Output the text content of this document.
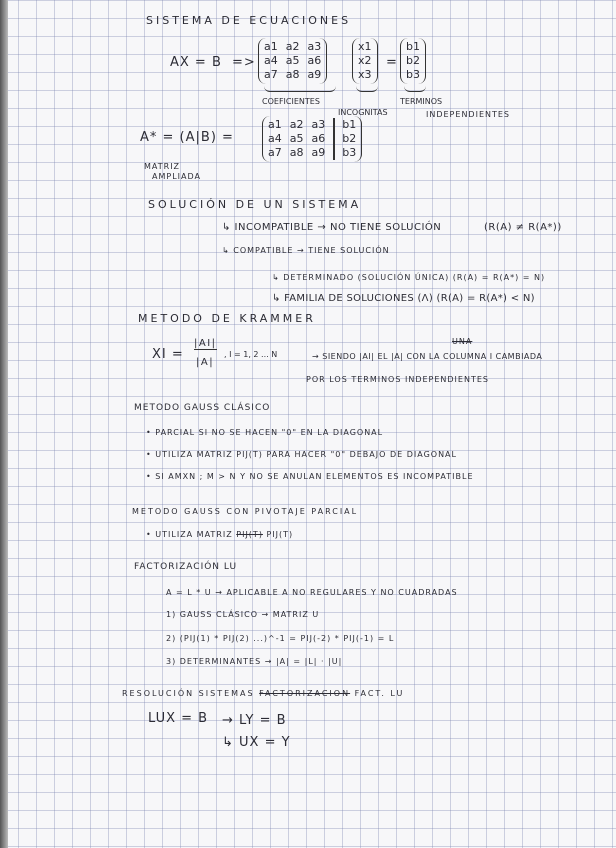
SISTEMA DE ECUACIONES
AX = B =>
a1 a2 a3
a4 a5 a6
a7 a8 a9
x1
x2
x3
=
b1
b2
b3
COEFICIENTES
INCOGNITAS
TERMINOS
INDEPENDIENTES
A* = (A|B) =
MATRIZ
AMPLIADA
a1 a2 a3 b1
a4 a5 a6 b2
a7 a8 a9 b3
SOLUCIÓN DE UN SISTEMA
↳ INCOMPATIBLE → NO TIENE SOLUCIÓN	(R(A) ≠ R(A*))
↳ COMPATIBLE → TIENE SOLUCIÓN
↳ DETERMINADO (SOLUCIÓN ÚNICA) (R(A) = R(A*) = N)
↳ FAMILIA DE SOLUCIONES (Λ) (R(A) = R(A*) < N)
METODO DE KRAMMER
XI =
|AI|
|A|
, I = 1, 2 ... N	→ SIENDO |AI| EL |A| CON LA COLUMNA I CAMBIADA
UNA
POR LOS TERMINOS INDEPENDIENTES
METODO GAUSS CLÁSICO
• PARCIAL SI NO SE HACEN "0" EN LA DIAGONAL
• UTILIZA MATRIZ PIJ(T) PARA HACER "0" DEBAJO DE DIAGONAL
• SI AMXN ; M > N Y NO SE ANULAN ELEMENTOS ES INCOMPATIBLE
METODO GAUSS CON PIVOTAJE PARCIAL
• UTILIZA MATRIZ PIJ(T) PIJ(T)
FACTORIZACIÓN LU
A = L * U → APLICABLE A NO REGULARES Y NO CUADRADAS
1) GAUSS CLÁSICO → MATRIZ U
2) (PIJ(1) * PIJ(2) ...)^-1 = PIJ(-2) * PIJ(-1) = L
3) DETERMINANTES → |A| = |L| · |U|
RESOLUCIÓN SISTEMAS FACTORIZACION FACT. LU
LUX = B → LY = B
↳ UX = Y
